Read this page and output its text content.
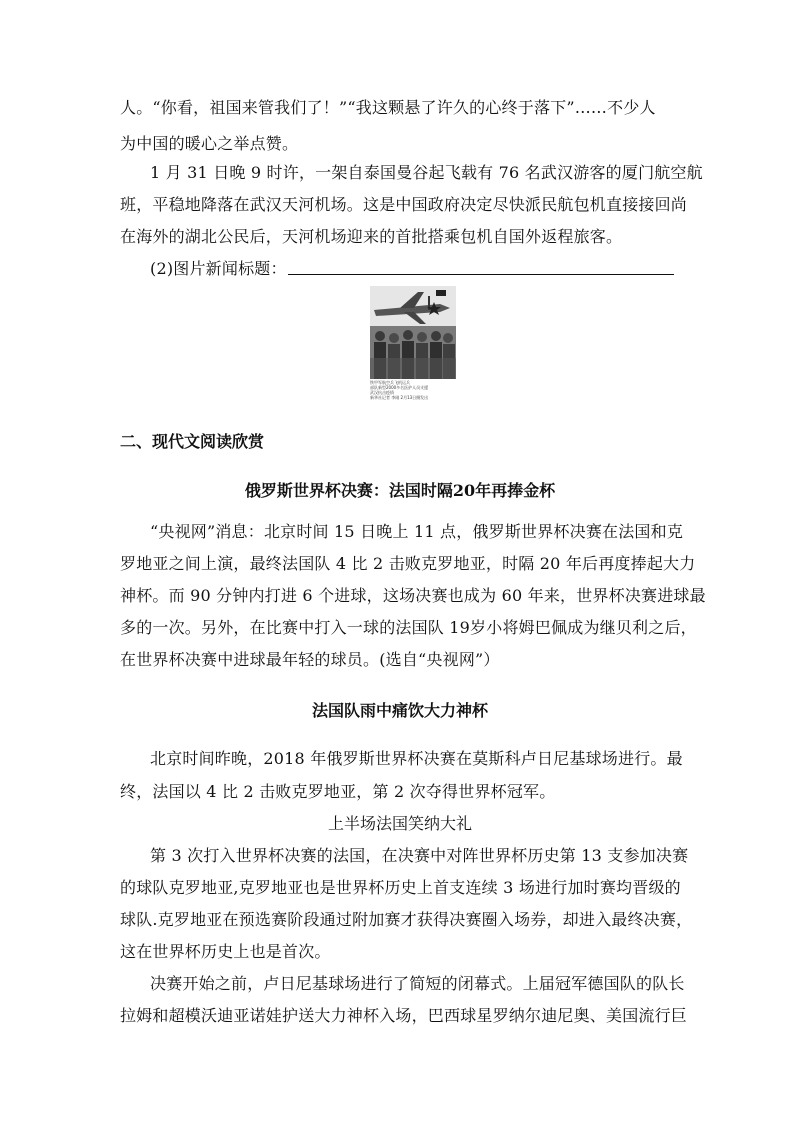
人。“你看，祖国来管我们了！”“我这颗悬了许久的心终于落下”……不少人
为中国的暖心之举点赞。
1 月 31 日晚 9 时许，一架自泰国曼谷起飞载有 76 名武汉游客的厦门航空航
班，平稳地降落在武汉天河机场。这是中国政府决定尽快派民航包机直接接回尚
在海外的湖北公民后，天河机场迎来的首批搭乘包机自国外返程旅客。
(2)图片新闻标题：
铁甲军航空兵飞机运兵
部队新型2000多名医护人员支援
武汉抗击疫情
新华社记者 李刚 2月13日摄发出
二、现代文阅读欣赏
俄罗斯世界杯决赛：法国时隔20年再捧金杯
“央视网”消息：北京时间 15 日晚上 11 点，俄罗斯世界杯决赛在法国和克
罗地亚之间上演，最终法国队 4 比 2 击败克罗地亚，时隔 20 年后再度捧起大力
神杯。而 90 分钟内打进 6 个进球，这场决赛也成为 60 年来，世界杯决赛进球最
多的一次。另外，在比赛中打入一球的法国队 19岁小将姆巴佩成为继贝利之后，
在世界杯决赛中进球最年轻的球员。(选自“央视网”）
法国队雨中痛饮大力神杯
北京时间昨晚，2018 年俄罗斯世界杯决赛在莫斯科卢日尼基球场进行。最
终，法国以 4 比 2 击败克罗地亚，第 2 次夺得世界杯冠军。
上半场法国笑纳大礼
第 3 次打入世界杯决赛的法国，在决赛中对阵世界杯历史第 13 支参加决赛
的球队克罗地亚,克罗地亚也是世界杯历史上首支连续 3 场进行加时赛均晋级的
球队.克罗地亚在预选赛阶段通过附加赛才获得决赛圈入场券，却进入最终决赛，
这在世界杯历史上也是首次。
决赛开始之前，卢日尼基球场进行了简短的闭幕式。上届冠军德国队的队长
拉姆和超模沃迪亚诺娃护送大力神杯入场，巴西球星罗纳尔迪尼奥、美国流行巨
